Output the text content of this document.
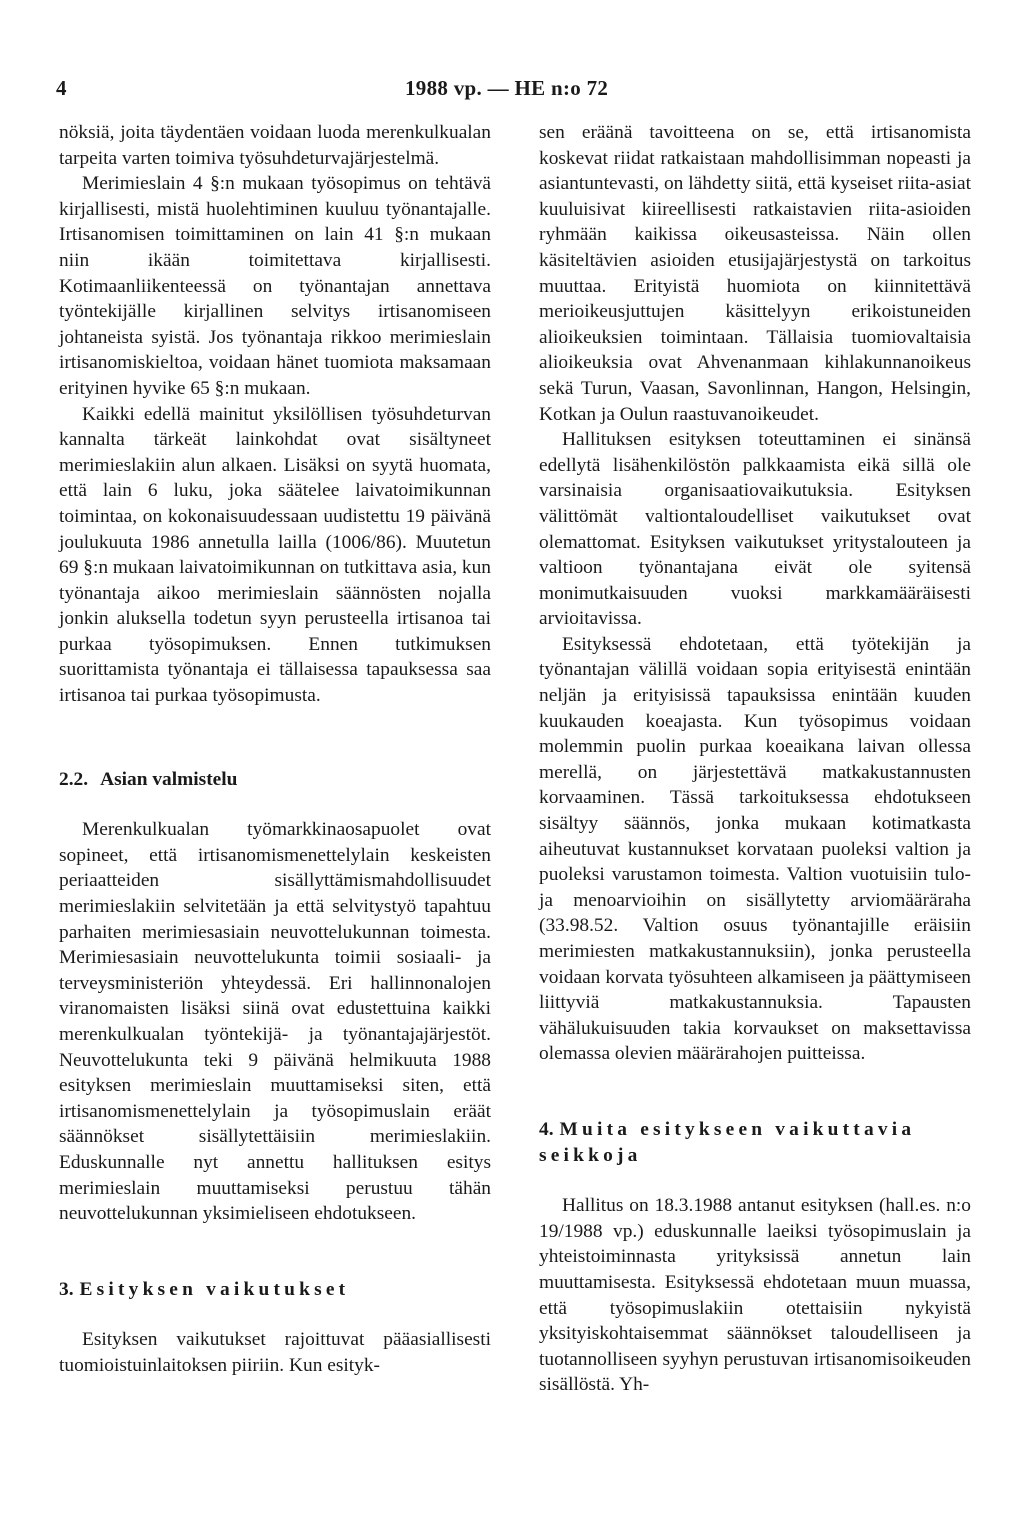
4	1988 vp. — HE n:o 72

nöksiä, joita täydentäen voidaan luoda merenkulkualan tarpeita varten toimiva työsuhdeturvajärjestelmä.

Merimieslain 4 §:n mukaan työsopimus on tehtävä kirjallisesti, mistä huolehtiminen kuuluu työnantajalle. Irtisanomisen toimittaminen on lain 41 §:n mukaan niin ikään toimitettava kirjallisesti. Kotimaanliikenteessä on työnantajan annettava työntekijälle kirjallinen selvitys irtisanomiseen johtaneista syistä. Jos työnantaja rikkoo merimieslain irtisanomiskieltoa, voidaan hänet tuomiota maksamaan erityinen hyvike 65 §:n mukaan.

Kaikki edellä mainitut yksilöllisen työsuhdeturvan kannalta tärkeät lainkohdat ovat sisältyneet merimieslakiin alun alkaen. Lisäksi on syytä huomata, että lain 6 luku, joka säätelee laivatoimikunnan toimintaa, on kokonaisuudessaan uudistettu 19 päivänä joulukuuta 1986 annetulla lailla (1006/86). Muutetun 69 §:n mukaan laivatoimikunnan on tutkittava asia, kun työnantaja aikoo merimieslain säännösten nojalla jonkin aluksella todetun syyn perusteella irtisanoa tai purkaa työsopimuksen. Ennen tutkimuksen suorittamista työnantaja ei tällaisessa tapauksessa saa irtisanoa tai purkaa työsopimusta.

2.2. Asian valmistelu

Merenkulkualan työmarkkinaosapuolet ovat sopineet, että irtisanomismenettelylain keskeisten periaatteiden sisällyttämismahdollisuudet merimieslakiin selvitetään ja että selvitystyö tapahtuu parhaiten merimiesasiain neuvottelukunnan toimesta. Merimiesasiain neuvottelukunta toimii sosiaali- ja terveysministeriön yhteydessä. Eri hallinnonalojen viranomaisten lisäksi siinä ovat edustettuina kaikki merenkulkualan työntekijä- ja työnantajajärjestöt. Neuvottelukunta teki 9 päivänä helmikuuta 1988 esityksen merimieslain muuttamiseksi siten, että irtisanomismenettelylain ja työsopimuslain eräät säännökset sisällytettäisiin merimieslakiin. Eduskunnalle nyt annettu hallituksen esitys merimieslain muuttamiseksi perustuu tähän neuvottelukunnan yksimieliseen ehdotukseen.

3. Esityksen vaikutukset

Esityksen vaikutukset rajoittuvat pääasiallisesti tuomioistuinlaitoksen piiriin. Kun esityk-

sen eräänä tavoitteena on se, että irtisanomista koskevat riidat ratkaistaan mahdollisimman nopeasti ja asiantuntevasti, on lähdetty siitä, että kyseiset riita-asiat kuuluisivat kiireellisesti ratkaistavien riita-asioiden ryhmään kaikissa oikeusasteissa. Näin ollen käsiteltävien asioiden etusijajärjestystä on tarkoitus muuttaa. Erityistä huomiota on kiinnitettävä merioikeusjuttujen käsittelyyn erikoistuneiden alioikeuksien toimintaan. Tällaisia tuomiovaltaisia alioikeuksia ovat Ahvenanmaan kihlakunnanoikeus sekä Turun, Vaasan, Savonlinnan, Hangon, Helsingin, Kotkan ja Oulun raastuvanoikeudet.

Hallituksen esityksen toteuttaminen ei sinänsä edellytä lisähenkilöstön palkkaamista eikä sillä ole varsinaisia organisaatiovaikutuksia. Esityksen välittömät valtiontaloudelliset vaikutukset ovat olemattomat. Esityksen vaikutukset yritystalouteen ja valtioon työnantajana eivät ole syitensä monimutkaisuuden vuoksi markkamääräisesti arvioitavissa.

Esityksessä ehdotetaan, että työtekijän ja työnantajan välillä voidaan sopia erityisestä enintään neljän ja erityisissä tapauksissa enintään kuuden kuukauden koeajasta. Kun työsopimus voidaan molemmin puolin purkaa koeaikana laivan ollessa merellä, on järjestettävä matkakustannusten korvaaminen. Tässä tarkoituksessa ehdotukseen sisältyy säännös, jonka mukaan kotimatkasta aiheutuvat kustannukset korvataan puoleksi valtion ja puoleksi varustamon toimesta. Valtion vuotuisiin tulo- ja menoarvioihin on sisällytetty arviomääräraha (33.98.52. Valtion osuus työnantajille eräisiin merimiesten matkakustannuksiin), jonka perusteella voidaan korvata työsuhteen alkamiseen ja päättymiseen liittyviä matkakustannuksia. Tapausten vähälukuisuuden takia korvaukset on maksettavissa olemassa olevien määrärahojen puitteissa.

4. Muita esitykseen vaikuttavia seikkoja

Hallitus on 18.3.1988 antanut esityksen (hall.es. n:o 19/1988 vp.) eduskunnalle laeiksi työsopimuslain ja yhteistoiminnasta yrityksissä annetun lain muuttamisesta. Esityksessä ehdotetaan muun muassa, että työsopimuslakiin otettaisiin nykyistä yksityiskohtaisemmat säännökset taloudelliseen ja tuotannolliseen syyhyn perustuvan irtisanomisoikeuden sisällöstä. Yh-
